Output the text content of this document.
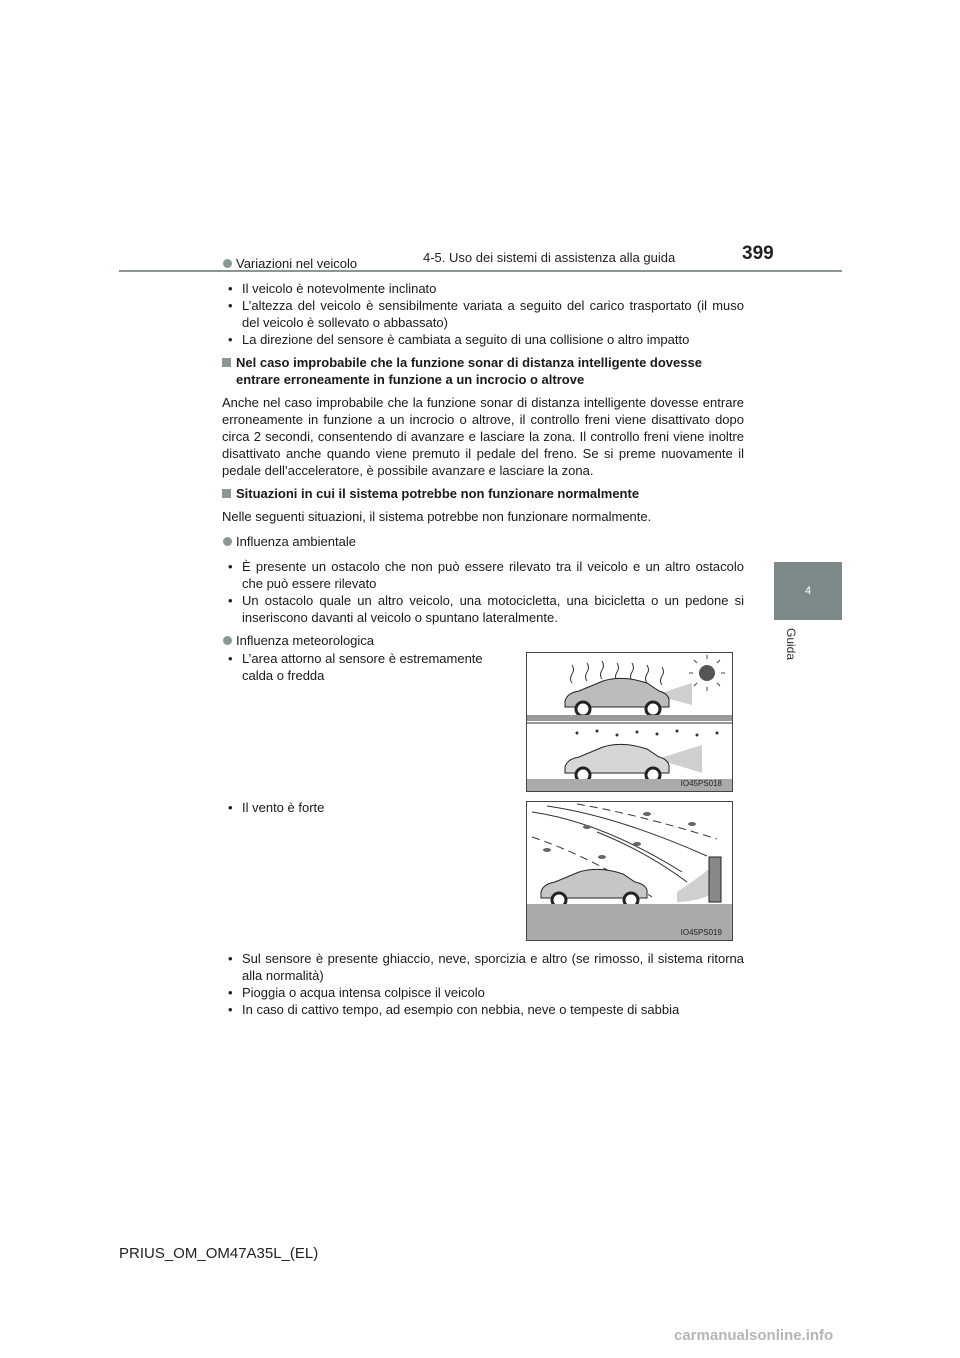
4-5. Uso dei sistemi di assistenza alla guida	399
4
Guida
Variazioni nel veicolo
• Il veicolo è notevolmente inclinato
• L’altezza del veicolo è sensibilmente variata a seguito del carico trasportato (il muso del veicolo è sollevato o abbassato)
• La direzione del sensore è cambiata a seguito di una collisione o altro impatto
Nel caso improbabile che la funzione sonar di distanza intelligente dovesse entrare erroneamente in funzione a un incrocio o altrove
Anche nel caso improbabile che la funzione sonar di distanza intelligente dovesse entrare erroneamente in funzione a un incrocio o altrove, il controllo freni viene disattivato dopo circa 2 secondi, consentendo di avanzare e lasciare la zona. Il controllo freni viene inoltre disattivato anche quando viene premuto il pedale del freno. Se si preme nuovamente il pedale dell’acceleratore, è possibile avanzare e lasciare la zona.
Situazioni in cui il sistema potrebbe non funzionare normalmente
Nelle seguenti situazioni, il sistema potrebbe non funzionare normalmente.
Influenza ambientale
• È presente un ostacolo che non può essere rilevato tra il veicolo e un altro ostacolo che può essere rilevato
• Un ostacolo quale un altro veicolo, una motocicletta, una bicicletta o un pedone si inseriscono davanti al veicolo o spuntano lateralmente.
Influenza meteorologica
• L’area attorno al sensore è estremamente calda o fredda
• Il vento è forte
IO45PS018
IO45PS019
• Sul sensore è presente ghiaccio, neve, sporcizia e altro (se rimosso, il sistema ritorna alla normalità)
• Pioggia o acqua intensa colpisce il veicolo
• In caso di cattivo tempo, ad esempio con nebbia, neve o tempeste di sabbia
PRIUS_OM_OM47A35L_(EL)
carmanualsonline.info
